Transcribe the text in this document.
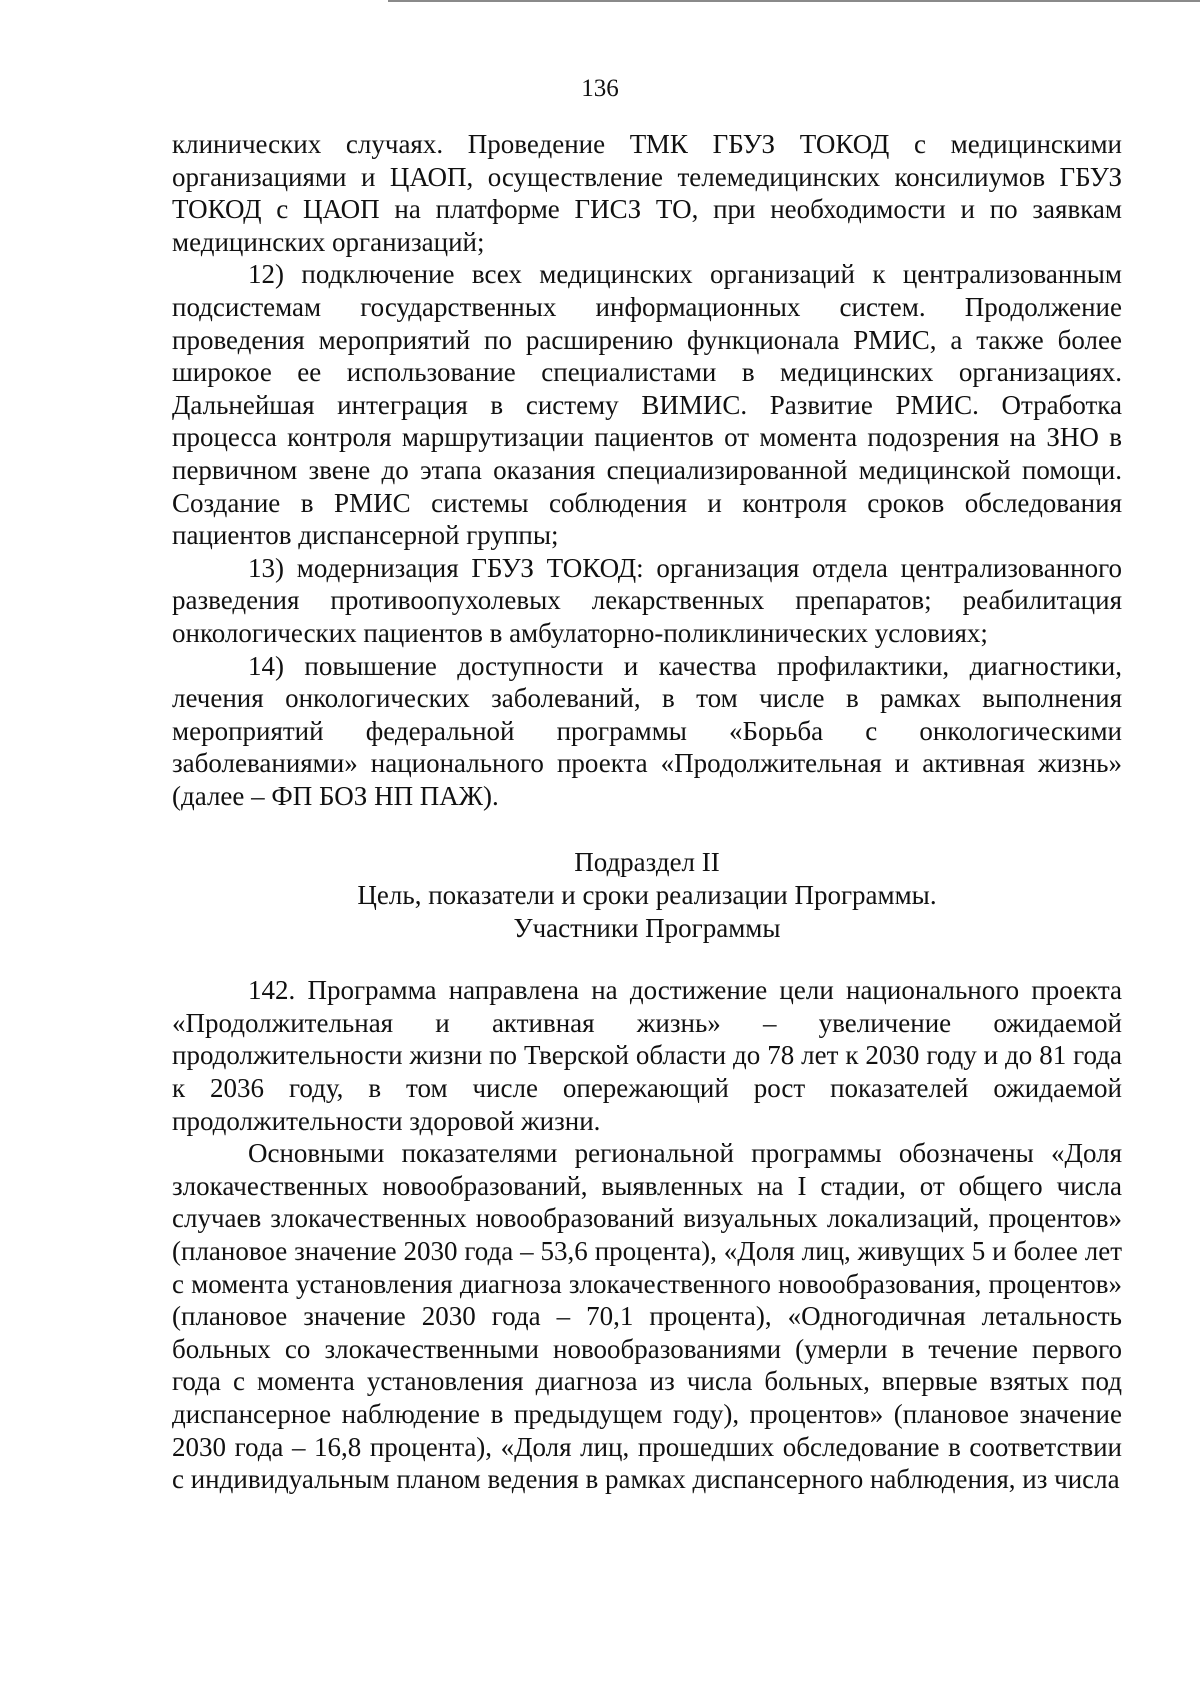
136

клинических случаях. Проведение ТМК ГБУЗ ТОКОД с медицинскими организациями и ЦАОП, осуществление телемедицинских консилиумов ГБУЗ ТОКОД с ЦАОП на платформе ГИСЗ ТО, при необходимости и по заявкам медицинских организаций;

12) подключение всех медицинских организаций к централизованным подсистемам государственных информационных систем. Продолжение проведения мероприятий по расширению функционала РМИС, а также более широкое ее использование специалистами в медицинских организациях. Дальнейшая интеграция в систему ВИМИС. Развитие РМИС. Отработка процесса контроля маршрутизации пациентов от момента подозрения на ЗНО в первичном звене до этапа оказания специализированной медицинской помощи. Создание в РМИС системы соблюдения и контроля сроков обследования пациентов диспансерной группы;

13) модернизация ГБУЗ ТОКОД: организация отдела централизованного разведения противоопухолевых лекарственных препаратов; реабилитация онкологических пациентов в амбулаторно-поликлинических условиях;

14) повышение доступности и качества профилактики, диагностики, лечения онкологических заболеваний, в том числе в рамках выполнения мероприятий федеральной программы «Борьба с онкологическими заболеваниями» национального проекта «Продолжительная и активная жизнь» (далее – ФП БОЗ НП ПАЖ).

Подраздел II

Цель, показатели и сроки реализации Программы.

Участники Программы

142. Программа направлена на достижение цели национального проекта «Продолжительная и активная жизнь» – увеличение ожидаемой продолжительности жизни по Тверской области до 78 лет к 2030 году и до 81 года к 2036 году, в том числе опережающий рост показателей ожидаемой продолжительности здоровой жизни.

Основными показателями региональной программы обозначены «Доля злокачественных новообразований, выявленных на I стадии, от общего числа случаев злокачественных новообразований визуальных локализаций, процентов» (плановое значение 2030 года – 53,6 процента), «Доля лиц, живущих 5 и более лет с момента установления диагноза злокачественного новообразования, процентов» (плановое значение 2030 года – 70,1 процента), «Одногодичная летальность больных со злокачественными новообразованиями (умерли в течение первого года с момента установления диагноза из числа больных, впервые взятых под диспансерное наблюдение в предыдущем году), процентов» (плановое значение 2030 года – 16,8 процента), «Доля лиц, прошедших обследование в соответствии с индивидуальным планом ведения в рамках диспансерного наблюдения, из числа
